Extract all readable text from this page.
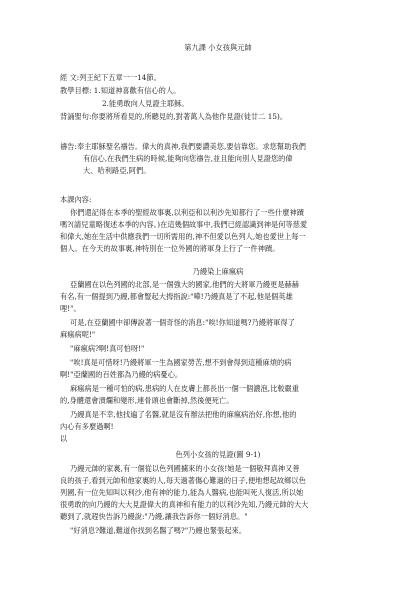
第九課 小女孩與元帥
經 文:列王紀下五章一一14節。
教學目標: 1.知道神喜歡有信心的人。
2.能勇敢向人見證主耶穌。
背誦聖句:你要將所看見的,所聽見的,對著萬人為他作見證(徒廿二 15)。
禱告:奉主耶穌聖名禱告。偉大的真神,我們要讚美您,要信靠您。求您幫助我們
有信心,在我們生病的時候,能夠向您禱告,並且能向別人見證您的偉
大、哈利路亞,阿們。
本課內容:
你們還記得在本季的聖經故事裏,以利亞和以利沙先知都行了一些什麼神蹟
嗎?(請兒童略復述本季的內容。)在這幾個故事中,我們已經認識到神是何等慈愛
和偉大,她在生活中供應我們一切所需用的,神不但愛以色列人,她也愛世上每一
個人。在今天的故事裏,神特別在一位外國的將軍身上行了一件神蹟。
乃縵染上麻瘋病
亞蘭國在以色列國的北部,是一個強大的國家,他們的大將軍乃縵更是赫赫
有名,有一個提到乃縵,都會豎起大拇指說:"嘩!乃縵真是了不起,他是個英雄
哩!"。
可是,在亞蘭國中卻傳說著一個奇怪的消息:"唉!你知道嗎?乃縵將軍得了
麻瘋病呢!"
"麻瘋病?啊!真可怕呀!"
"唉!真是可惜呀!乃縵將軍一生為國家勞苦,想不到會得到這種麻煩的病
啊!"亞蘭國的百姓都為乃縵的病憂心。
麻瘋病是一種可怕的病,患病的人在皮膚上都長出一個一個濃泡,比較嚴重
的,身體還會潰爛和變形,連骨頭也會斷掉,然後便死亡。
乃縵真是不幸,他找遍了名醫,就是沒有辦法把他的麻瘋病治好,你想,他的
內心有多麼過啊!
以
色列小女孩的見證(圖 9-1)
乃縵元帥的家裏,有一個從以色列國擄來的小女孩!她是一個敬拜真神又善
良的孩子,看到元帥和他家裏的人,每天過著傷心難過的日子,便地想起故鄉以色
列國,有一位先知叫以利沙,他有神的能力,能為人醫病,也能叫死人復活,所以她
很勇敢的向乃縵的大大見證偉大的真神和有能力的以利沙先知,乃縵元帥的大大
聽到了,就趕快告訴乃縵說:"乃縵,讓我告訴你一個好消息。"
"好消息?難道,難道你找到名醫了嗎?"乃縵也緊張起來。
